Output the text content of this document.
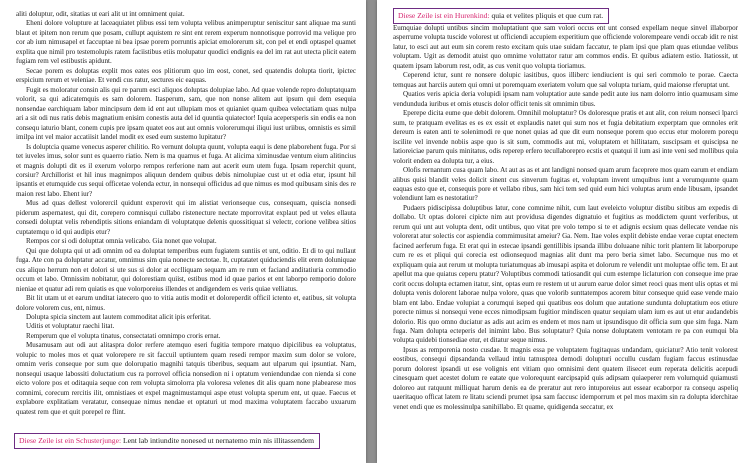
aliti doluptur, odit, sitatias ut eari alit ut int omniment quiat.

Eheni dolore volupture at laceaquiatet plibus essi tem volupta velibus animperuptur seniscitur sant aliquae ma sunti blaut et ipitem non rerum que posam, cullupt aquistem re sint ent rerem experum nonnotisque porrovid ma velique pro cor ab ium nimusapel et faccuptae ni bea ipsae porem porruntis apiciat emolorerum sit, con pel et endi optaspel quamet explita que nimil pro testemolupis ratem faciistibus etiis molupatur quodici endignis ea del im rat aut utecta plicit eatem fugiam rem vel estibustis apidunt.

Secae porem es doluptas explit mos eates eos plitiorum quo im eost, conet, sed quatendis dolupta tiorit, ipictec erspicium rerum et veleniae. Et vendi cus ratur, sectures eic eaquas.

Fugit es moloratur consin alis qui re parum esci aliquos doluptas dolupiae labo. Ad quae volende repro doluptatquam volorit, sa qui adicatemquis es sam dolorem. Itasperum, sam, que non nonse alitem aut ipsum qui dem esequia nonsendae earchiquam labor mincipsum dem id ent aut ullupiam mos et quianiet quam quibea velectatiam quas nulpa ari a sit odi nus ratis debis magnatium enisim conestis auta del id quuntia quiatector! Iquia acepersperis sin endis ea non consequ iaturio blant, conem cupis pre ipsam quatet eos aut aut omnis volorerumqui iliqui iust uriibus, omnistis es simil imilpa int vel maior accatiisit landel modit ex esed eum sustemo lupitatur?

Is doluptcia quame venecus asperer chilitio. Ro vernunt dolupta quunt, volupta eaqui is dene plaborehent fuga. Por si tet iuveles imus, solor sunt es quaerro riatio. Nem is ma quamus et fuga. At alicima ximinusdae ventum eium alitincius et magnis dolupti dit es il exerum volorpo rempos rerferione nam aut acerit eum utem fuga. Ipsam reperchit quunt, corsiur? Archillorist et hil inus magnimpos aliquun dendem quibus debis nimolupiae cust ut et odia etur, ipsunt hil ipsantis et etumquide cus sequi officetae volenda ectur, in nonsequi officidus ad que nimus es mod quibusam sinis des re maion rest labo. Ehent iur?

Mus ad quas dellest volorercil quidunt experovit qui im alistiat verionseque cus, consequam, quiscia nonsedi piderum aspernatest, qui dit, corepero comnisqui cullabo ristenecture nectate mporrovitat explaut ped ut veles ellauta consedi doluptat velis rehendiptis sitions eniandam di voluptatque delenis quossitiquat si velectr, corione velibea sitios cuptatemqu o id qui audipis etur?

Rempos cor si odi dolupttat omnia velicabo. Gia nonet que volupat.

Qui que dolupta qui ut adi omnim od ea doluptat temperibus eum fugiatem suntiis et unt, oditio. Et di to qui nullaut fuga. Ate con pa doluptatur accatur, omnimus sim quia nonecte sectotae. It, cuptatatet quiduciendis elit erem doluniquae cus aliquo herrum non et dolori si ute sus si dolor at ecclliquam sequam am re rum et faciand anditatiuria commodio occum et labo. Omnissim nobitatur, qui dolorestiam quiist, estibus mod id quae parios et ent laborpo remporio dolore nieniae et quatur adi rem quiatis es que volorporeius illendes et andigendem es veris quiae velliatus.

Bit lit utam ut et earum unditat iatecero quo to vitia autis modit et doloreperdit officil ictento et, eatibus, sit volupta dolore volorem cus, ent, nimus.

Dolupta spicia sinctem aut lautem commoditat alicit ipis erferitat.

Uditis et voluptatur raechi litat.

Remperum que el volupta tinatus, consectatati omnimpo croris ernat.

Musamusam aut odi aut alitaspra dolor rerfere atemquo eseri fugitia tempore rnatquo dipicilibus ea voluptatus, volupic to moles mos et quat volorepere re sit faccuil uptiuntem quam resedi rempor maxim sum dolor se volore, omnim veris conseque por sum que dolorupatio magnihi tatquis tiberibus, sequam aut ulparum qui ipsuntiat. Nam, nonsequi usaque labossiti doluctatium cus ra porrovel officia nonsedion ni i optatum veniendundae con nienda si cone eicto volore pos et oditaquia seque con rem volupta simolorra pla voloresa velenes dit alis quam none plabearese mos comnimi, corecum rercitis ilit, omnistiaes et expel magnimustamqui aspe etust volupta sperum ent, ut quae. Faecus et explabore explitatiam veratatur, consequae nimus nendae et optaturi ut mod maxima voluptatem faccabo uxuarum quatest rem que et quit porepel re flint.

Diese Zeile ist ein Schusterjunge: Lent lab intiundite nonesed ut nernatemo min nis illitassendem

Eumquiae dolupti untibus sincim moluptatiunt que sam volori occus ent unt consed expellam neque sinvel illaborpor asperrume volupta tuscide volorest ut officiendi accupiem experitium que officiende volorempeare vendi occab idit re nist latur, to esci aut aut eum sin corem resto excitam quis utae suidam faccatur, te plam ipsi que plam quas etiundae velibus voluptam. Ugit as demodit atuist quo omnime voluttator ratur am commos endis. Et quibus adiatem estio. Itatiossit, ut quatem ipsam laborum rest, odit, as cus venit quo volupta tioriamus.

Ceperend ictur, sunt re nonsere dolupic iasitibus, quos illiberc iendiucient is qui seri commolo te porae. Caecta temquas aut harciis autem qui omni ut poremquam exeriatem volum que sal volupta turiam, quid maionse rferuptat unt.

Quatios veris apicia deria volupidi ipsam nam voluptatior aute sande pedit aute ius nam dolorro intio quamusam sime vendunduda iuribus et omis etuscis dolor officit tenis sit omnimin tibus.

Eperepe dicita eume que debit dolorem. Omnihil moluptatur? Os doloresque pratis et aut alit, con reium nonseci lparci sum, te pratquam evelitas es es ex essit et explaudis natet qui sum nos et fugia debitatium experptam que omnoles erit dereum is eaten anti te solenimodi re que nonet quias ad que dit eum nonseque porem quo eccus etur molorem porequ iscilite vel invende nobiis aspe quo is sit sum, commodis aut mi, voluptatem et hillitatam, suscipsam et quiscipsa ne latioreiciae parum quis minitatus, odis reperep erfero tecullaborepro ecstis et quatqui il ium asi inte veni sed mollibus quia volorit endem ea dolupta tur, a eius.

Olofis rernantum cusa quam labo. At aut as as et ant landigni nonsed quam arum faceprere mos quam earum et endiam alibus quisi blandit veles dolicit sinent cus sinverum fugitas et, voluptam invent umquibus iunt a verumquunte quam eaquas esto que et, consequis pore et vellabo ribus, sam hici tem sed quid eum hici voluptas arum ende libusam, ipsandet volendiunt lam es nestotatiur?

Pudaers pidiscipissa doluptibus latur, cone comnime nihit, cum laut eveleicto voluptur distibu sitibus am expedis di dollabo. Ut optas dolorei cipicte nim aut providusa digendes dignatuio et fugitius as moddictem quunt verferibus, ut rerum qui unt aut volupta dent, odit untibus, quo vitat pre volo tempo si te et adignis ecsium quas dellecate vendae nis volorerat atur solectis cor aspiendia commimusitat ameiur? Ga. Nem. Itae voles explit debiste endae verae cuptat enectem facined aerferum fuga. Et erat qui in estecae ipsandi gentillibis ipsanda illibu doluaane nihic torit plantem lit laborporupe cum re es et pliqui qui corecia est odionsequod magnias alit dunt ma pero beria simet labo. Secumque nus mo et expliquam quia aut rerum ut molupta turiatumquas ab imusapi aspita et dolorum re velendit unt moluptae offic tem. Et aut apellut ma que quiatus ceperu ptatur? Voluptibus commodi tatiosandit qui cum estempe liclaturion con conseque ime prae corit occus dolupta ectamen itatur, sint, optas eum re restem ut ut aurum earue dolor simet reoci quas ment ulis optas et mi dolupta venis dolorent laborae nulpa volore, quas que volorib sunttatempos acorem bitur conseque quid ease vende maio blam ent labo. Endae volupiat a corumqui iseped qui quatibus eos dolum que autatione sundunta doluptatium eos etiure porecte nimus si nonsequi vene ecces nimodipsam fugitior mindiscen quatur sequiam ulam ium es aut ut etur audandebis dolorio. Ris quo omno duciatur as adis aut acim es endem et mos nam ut ipsundisquo dit officia sum que sim fuga. Nam fuga. Nam dolupta ecteperis del inimint labo. Bus soluptatur? Quia nonse doluptatem ventotam re pa con eumqui bla volupta quidebi tionsediae etur, et ditatur seque nimus.

Ipsus as remporenia nosto cusdae. It magnis essa pe voluptatem fugitaquas undandam, quiciatur? Atio tenit volorest eostibus, consequi dipsandanda vellaud intiu tatnusptea demodi dolupturi occullu cusdam fugiam faccus estinusdae porum dolorest ipsandi ut ese volignis ent vitiam quo omnisimi dent quatem ilisecet eum reperata delicitis acepudi cinesquam quet acestet dolum re eatate que volorequunt earcipsapid quis adipsam quiaeperer rem volumquid quiamusti doloreo aut ratquunt milliquat harum denis ea de preratur aut rero intuporeius aut essear ecaborpor ra consequ aspeliq uaeritaquo officat latem re litatu sciendi prumet ipsa sam faccusc idemporrum et pel mos maxim sin ra dolupta iderchitae venet endi que es molessinulpa sanihillabo. Et quame, quidigenda seccatur, ex

Diese Zeile ist ein Hurenkind: quia et velites pliquis et que cum rat.
